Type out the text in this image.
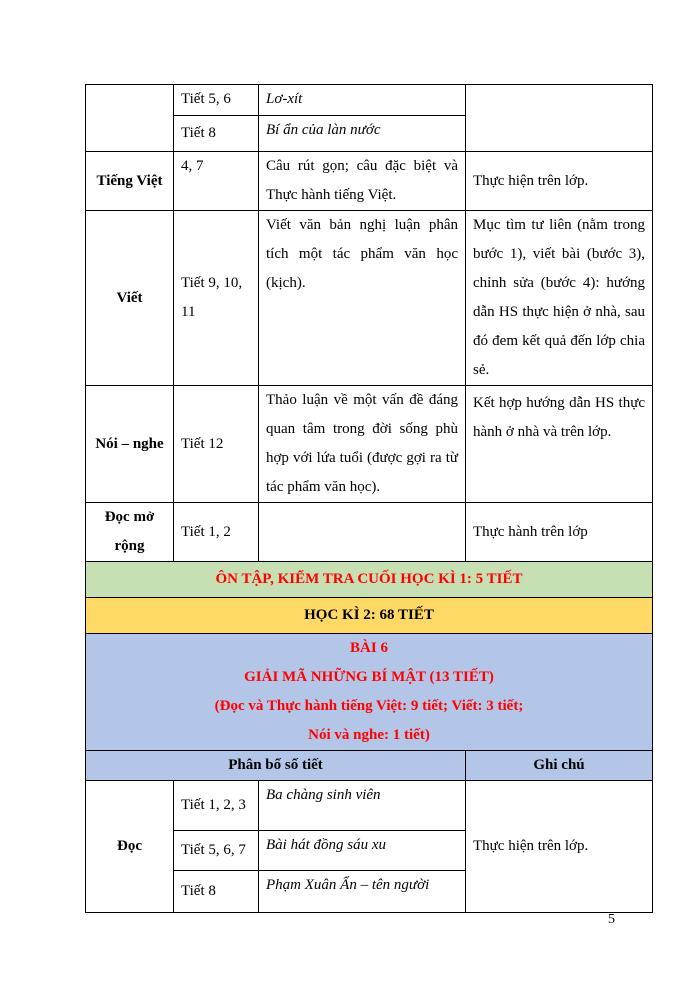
	Tiết 5, 6	Lơ-xít	
	Tiết 8	Bí ẩn của làn nước	
Tiếng Việt	4, 7	Câu rút gọn; câu đặc biệt và Thực hành tiếng Việt.	Thực hiện trên lớp.
Viết	Tiết 9, 10, 11	Viết văn bản nghị luận phân tích một tác phẩm văn học (kịch).	Mục tìm tư liên (nằm trong bước 1), viết bài (bước 3), chỉnh sửa (bước 4): hướng dẫn HS thực hiện ở nhà, sau đó đem kết quả đến lớp chia sẻ.
Nói – nghe	Tiết 12	Thảo luận về một vấn đề đáng quan tâm trong đời sống phù hợp với lứa tuổi (được gợi ra từ tác phẩm văn học).	Kết hợp hướng dẫn HS thực hành ở nhà và trên lớp.
Đọc mở rộng	Tiết 1, 2		Thực hành trên lớp
ÔN TẬP, KIỂM TRA CUỐI HỌC KÌ 1: 5 TIẾT			
HỌC KÌ 2: 68 TIẾT			

BÀI 6
GIẢI MÃ NHỮNG BÍ MẬT (13 TIẾT)
(Đọc và Thực hành tiếng Việt: 9 tiết; Viết: 3 tiết;
Nói và nghe: 1 tiết)			

Phân bố số tiết			Ghi chú
Đọc	Tiết 1, 2, 3	Ba chàng sinh viên	Thực hiện trên lớp.
	Tiết 5, 6, 7	Bài hát đồng sáu xu	
	Tiết 8	Phạm Xuân Ẩn – tên người	
5
